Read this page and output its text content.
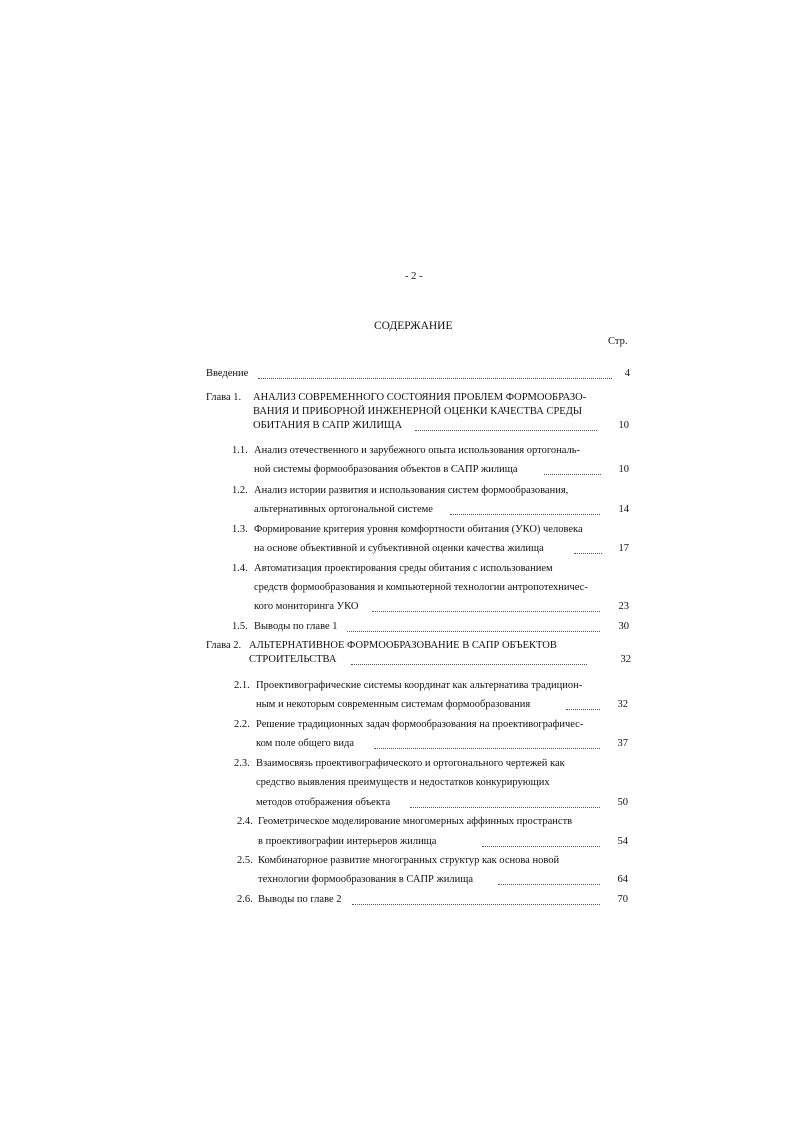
- 2 -
СОДЕРЖАНИЕ
Стр.
Введение	4
Глава 1. АНАЛИЗ СОВРЕМЕННОГО СОСТОЯНИЯ ПРОБЛЕМ ФОРМООБРАЗО-
ВАНИЯ И ПРИБОРНОЙ ИНЖЕНЕРНОЙ ОЦЕНКИ КАЧЕСТВА СРЕДЫ
ОБИТАНИЯ В САПР ЖИЛИЩА	10
1.1. Анализ отечественного и зарубежного опыта использования ортогональ-
ной системы формообразования объектов в САПР жилища	10
1.2. Анализ истории развития и использования систем формообразования,
альтернативных ортогональной системе	14
1.3. Формирование критерия уровня комфортности обитания (УКО) человека
на основе объективной и субъективной оценки качества жилища	17
1.4. Автоматизация проектирования среды обитания с использованием
средств формообразования и компьютерной технологии антропотехничес-
кого мониторинга УКО	23
1.5. Выводы по главе 1	30
Глава 2. АЛЬТЕРНАТИВНОЕ ФОРМООБРАЗОВАНИЕ В САПР ОБЪЕКТОВ
СТРОИТЕЛЬСТВА	32
2.1. Проективографические системы координат как альтернатива традицион-
ным и некоторым современным системам формообразования	32
2.2. Решение традиционных задач формообразования на проективографичес-
ком поле общего вида	37
2.3. Взаимосвязь проективографического и ортогонального чертежей как
средство выявления преимуществ и недостатков конкурирующих
методов отображения объекта	50
2.4. Геометрическое моделирование многомерных аффинных пространств
в проективографии интерьеров жилища	54
2.5. Комбинаторное развитие многогранных структур как основа новой
технологии формообразования в САПР жилища	64
2.6. Выводы по главе 2	70
